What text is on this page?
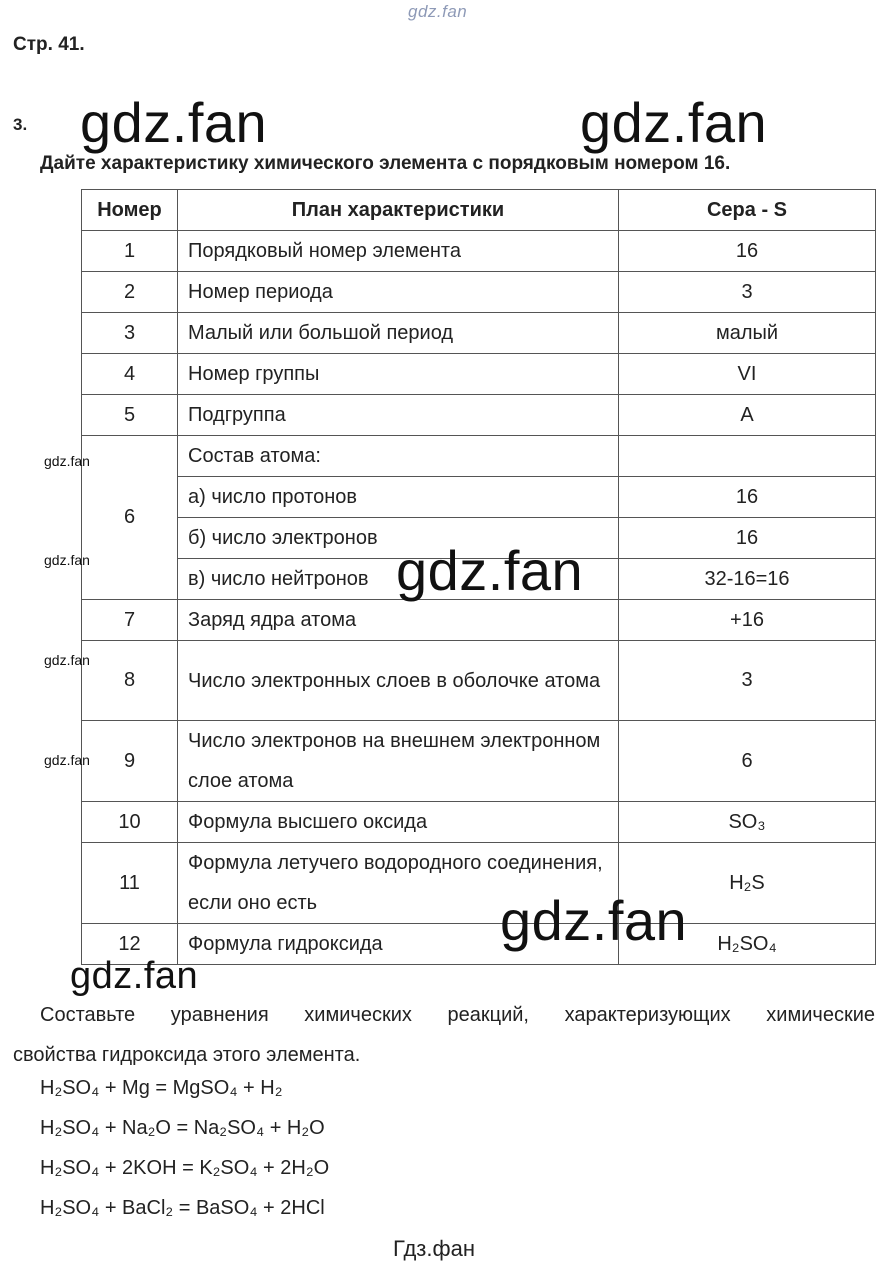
gdz.fan
Стр. 41.
3.
Дайте характеристику химического элемента с порядковым номером 16.
Номер	План характеристики	Сера - S
1	Порядковый номер элемента	16
2	Номер периода	3
3	Малый или большой период	малый
4	Номер группы	VI
5	Подгруппа	A
6	Состав атома:	
	а) число протонов	16
	б) число электронов	16
	в) число нейтронов	32-16=16
7	Заряд ядра атома	+16
8	Число электронных слоев в оболочке атома	3
9	Число электронов на внешнем электронном слое атома	6
10	Формула высшего оксида	SO₃
11	Формула летучего водородного соединения, если оно есть	H₂S
12	Формула гидроксида	H₂SO₄
Составьте уравнения химических реакций, характеризующих химические
свойства гидроксида этого элемента.
H₂SO₄ + Mg = MgSO₄ + H₂
H₂SO₄ + Na₂O = Na₂SO₄ + H₂O
H₂SO₄ + 2KOH = K₂SO₄ + 2H₂O
H₂SO₄ + BaCl₂ = BaSO₄ + 2HCl
Гдз.фан
gdz.fan	gdz.fan
gdz.fan
gdz.fan
gdz.fan
gdz.fan
gdz.fan
gdz.fan
gdz.fan
